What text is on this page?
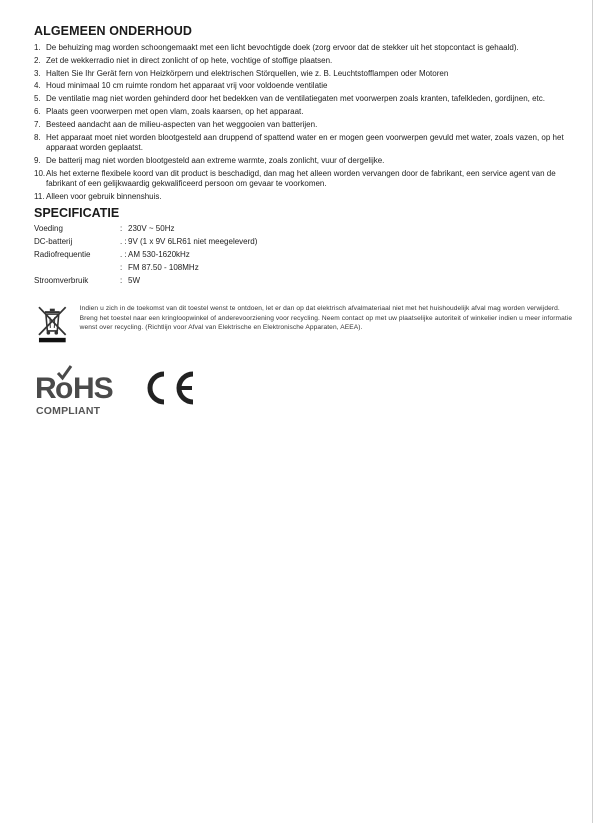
ALGEMEEN ONDERHOUD
1. De behuizing mag worden schoongemaakt met een licht bevochtigde doek (zorg ervoor dat de stekker uit het stopcontact is gehaald).
2. Zet de wekkerradio niet in direct zonlicht of op hete, vochtige of stoffige plaatsen.
3. Halten Sie Ihr Gerät fern von Heizkörpern und elektrischen Störquellen, wie z. B. Leuchtstofflampen oder Motoren
4. Houd minimaal 10 cm ruimte rondom het apparaat vrij voor voldoende ventilatie
5. De ventilatie mag niet worden gehinderd door het bedekken van de ventilatiegaten met voorwerpen zoals kranten, tafelkleden, gordijnen, etc.
6. Plaats geen voorwerpen met open vlam, zoals kaarsen, op het apparaat.
7. Besteed aandacht aan de milieu-aspecten van het weggooien van batterijen.
8. Het apparaat moet niet worden blootgesteld aan druppend of spattend water en er mogen geen voorwerpen gevuld met water, zoals vazen, op het apparaat worden geplaatst.
9. De batterij mag niet worden blootgesteld aan extreme warmte, zoals zonlicht, vuur of dergelijke.
10. Als het externe flexibele koord van dit product is beschadigd, dan mag het alleen worden vervangen door de fabrikant, een service agent van de fabrikant of een gelijkwaardig gekwalificeerd persoon om gevaar te voorkomen.
11. Alleen voor gebruik binnenshuis.
SPECIFICATIE
Voeding	: 230V ~ 50Hz
DC-batterij	. : 9V (1 x 9V 6LR61 niet meegeleverd)
Radiofrequentie	. : AM 530-1620kHz
: FM 87.50 - 108MHz
Stroomverbruik	: 5W
Indien u zich in de toekomst van dit toestel wenst te ontdoen, let er dan op dat elektrisch afvalmateriaal niet met het huishoudelijk afval mag worden verwijderd. Breng het toestel naar een kringloopwinkel of anderevoorziening voor recycling. Neem contact op met uw plaatselijke autoriteit of winkelier indien u meer informatie wenst over recycling. (Richtlijn voor Afval van Elektrische en Elektronische Apparaten, AEEA).
R o HS
COMPLIANT
